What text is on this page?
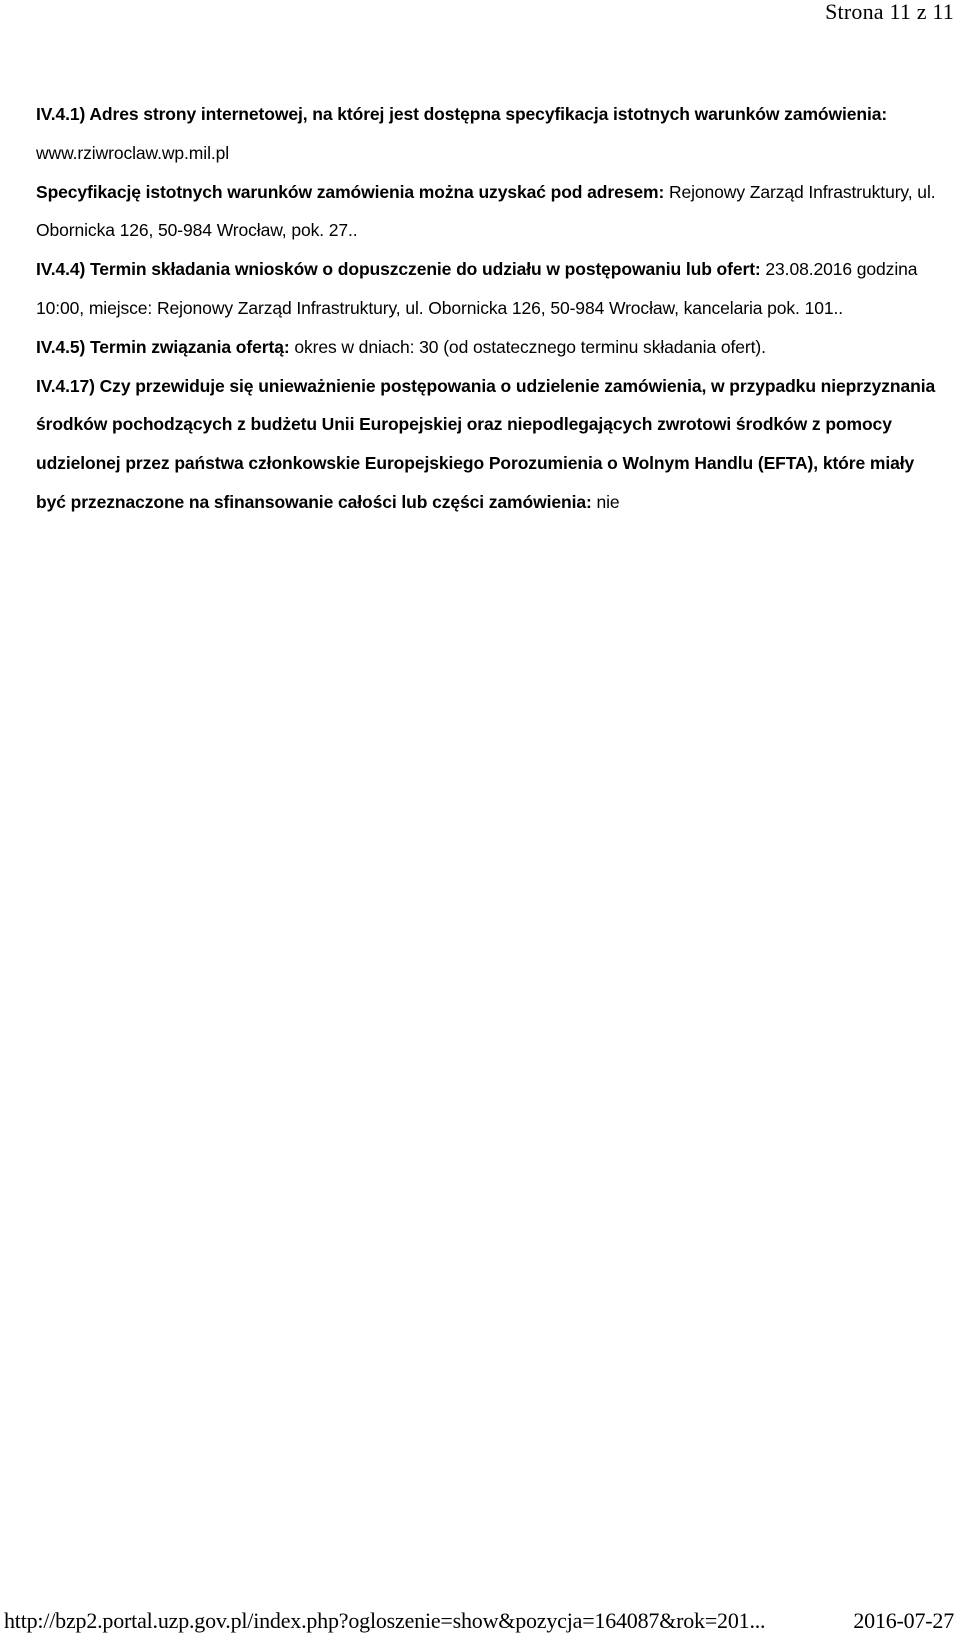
Strona 11 z 11

IV.4.1) Adres strony internetowej, na której jest dostępna specyfikacja istotnych warunków zamówienia: www.rziwroclaw.wp.mil.pl

Specyfikację istotnych warunków zamówienia można uzyskać pod adresem: Rejonowy Zarząd Infrastruktury, ul. Obornicka 126, 50-984 Wrocław, pok. 27..

IV.4.4) Termin składania wniosków o dopuszczenie do udziału w postępowaniu lub ofert: 23.08.2016 godzina 10:00, miejsce: Rejonowy Zarząd Infrastruktury, ul. Obornicka 126, 50-984 Wrocław, kancelaria pok. 101..

IV.4.5) Termin związania ofertą: okres w dniach: 30 (od ostatecznego terminu składania ofert).

IV.4.17) Czy przewiduje się unieważnienie postępowania o udzielenie zamówienia, w przypadku nieprzyznania środków pochodzących z budżetu Unii Europejskiej oraz niepodlegających zwrotowi środków z pomocy udzielonej przez państwa członkowskie Europejskiego Porozumienia o Wolnym Handlu (EFTA), które miały być przeznaczone na sfinansowanie całości lub części zamówienia: nie

http://bzp2.portal.uzp.gov.pl/index.php?ogloszenie=show&pozycja=164087&rok=201...	2016-07-27
